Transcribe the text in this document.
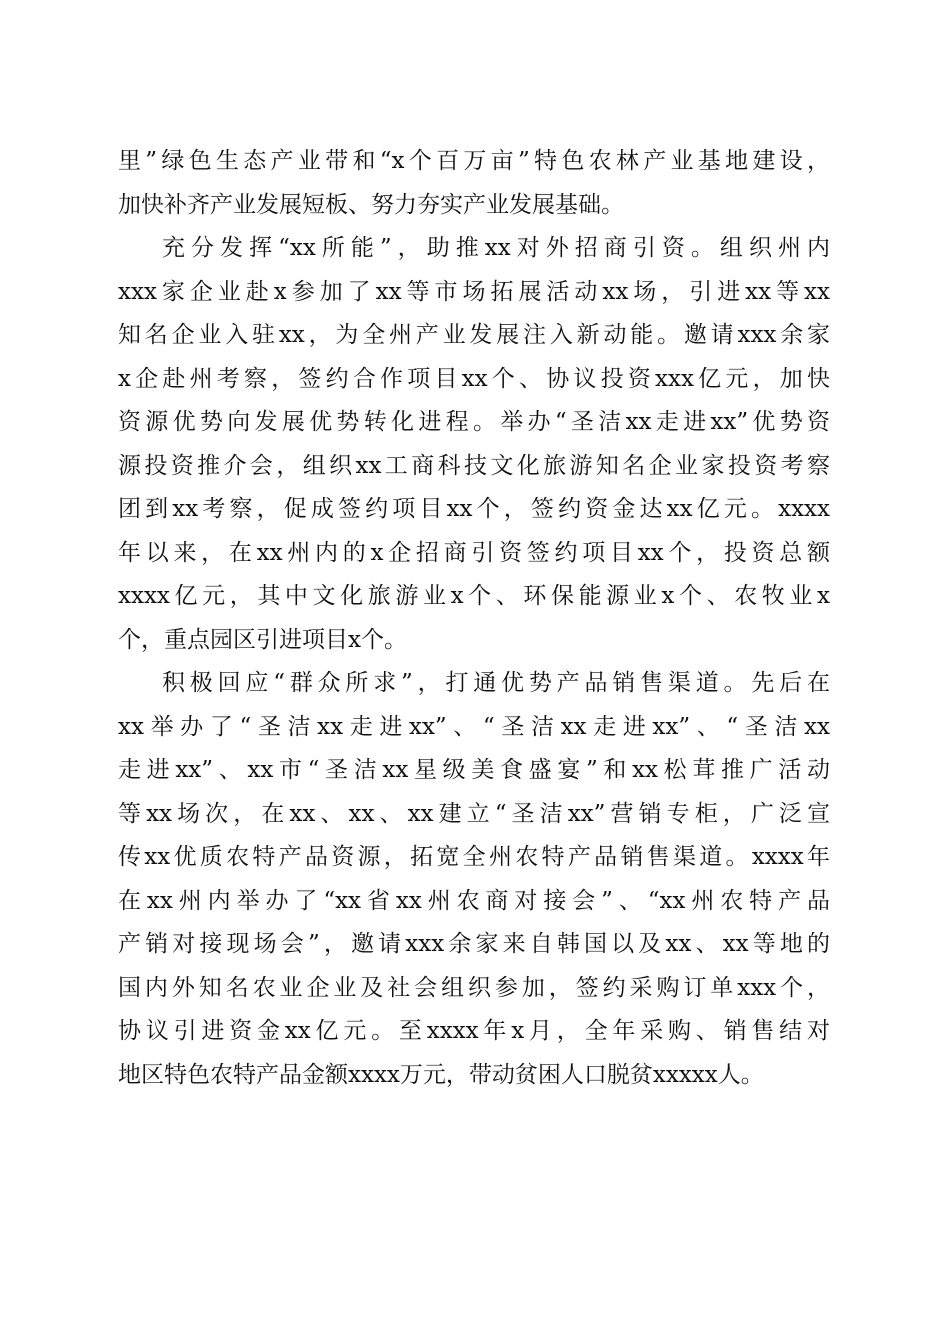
里”绿色生态产业带和“x个百万亩”特色农林产业基地建设，
加快补齐产业发展短板、努力夯实产业发展基础。
充分发挥“xx所能”，助推xx对外招商引资。组织州内
xxx家企业赴x参加了xx等市场拓展活动xx场，引进xx等xx
知名企业入驻xx，为全州产业发展注入新动能。邀请xxx余家
x企赴州考察，签约合作项目xx个、协议投资xxx亿元，加快
资源优势向发展优势转化进程。举办“圣洁xx走进xx”优势资
源投资推介会，组织xx工商科技文化旅游知名企业家投资考察
团到xx考察，促成签约项目xx个，签约资金达xx亿元。xxxx
年以来，在xx州内的x企招商引资签约项目xx个，投资总额
xxxx亿元，其中文化旅游业x个、环保能源业x个、农牧业x
个，重点园区引进项目x个。
积极回应“群众所求”，打通优势产品销售渠道。先后在
xx举办了“圣洁xx走进xx”、“圣洁xx走进xx”、“圣洁xx
走进xx”、xx市“圣洁xx星级美食盛宴”和xx松茸推广活动
等xx场次，在xx、xx、xx建立“圣洁xx”营销专柜，广泛宣
传xx优质农特产品资源，拓宽全州农特产品销售渠道。xxxx年
在xx州内举办了“xx省xx州农商对接会”、“xx州农特产品
产销对接现场会”，邀请xxx余家来自韩国以及xx、xx等地的
国内外知名农业企业及社会组织参加，签约采购订单xxx个，
协议引进资金xx亿元。至xxxx年x月，全年采购、销售结对
地区特色农特产品金额xxxx万元，带动贫困人口脱贫xxxxx人。
